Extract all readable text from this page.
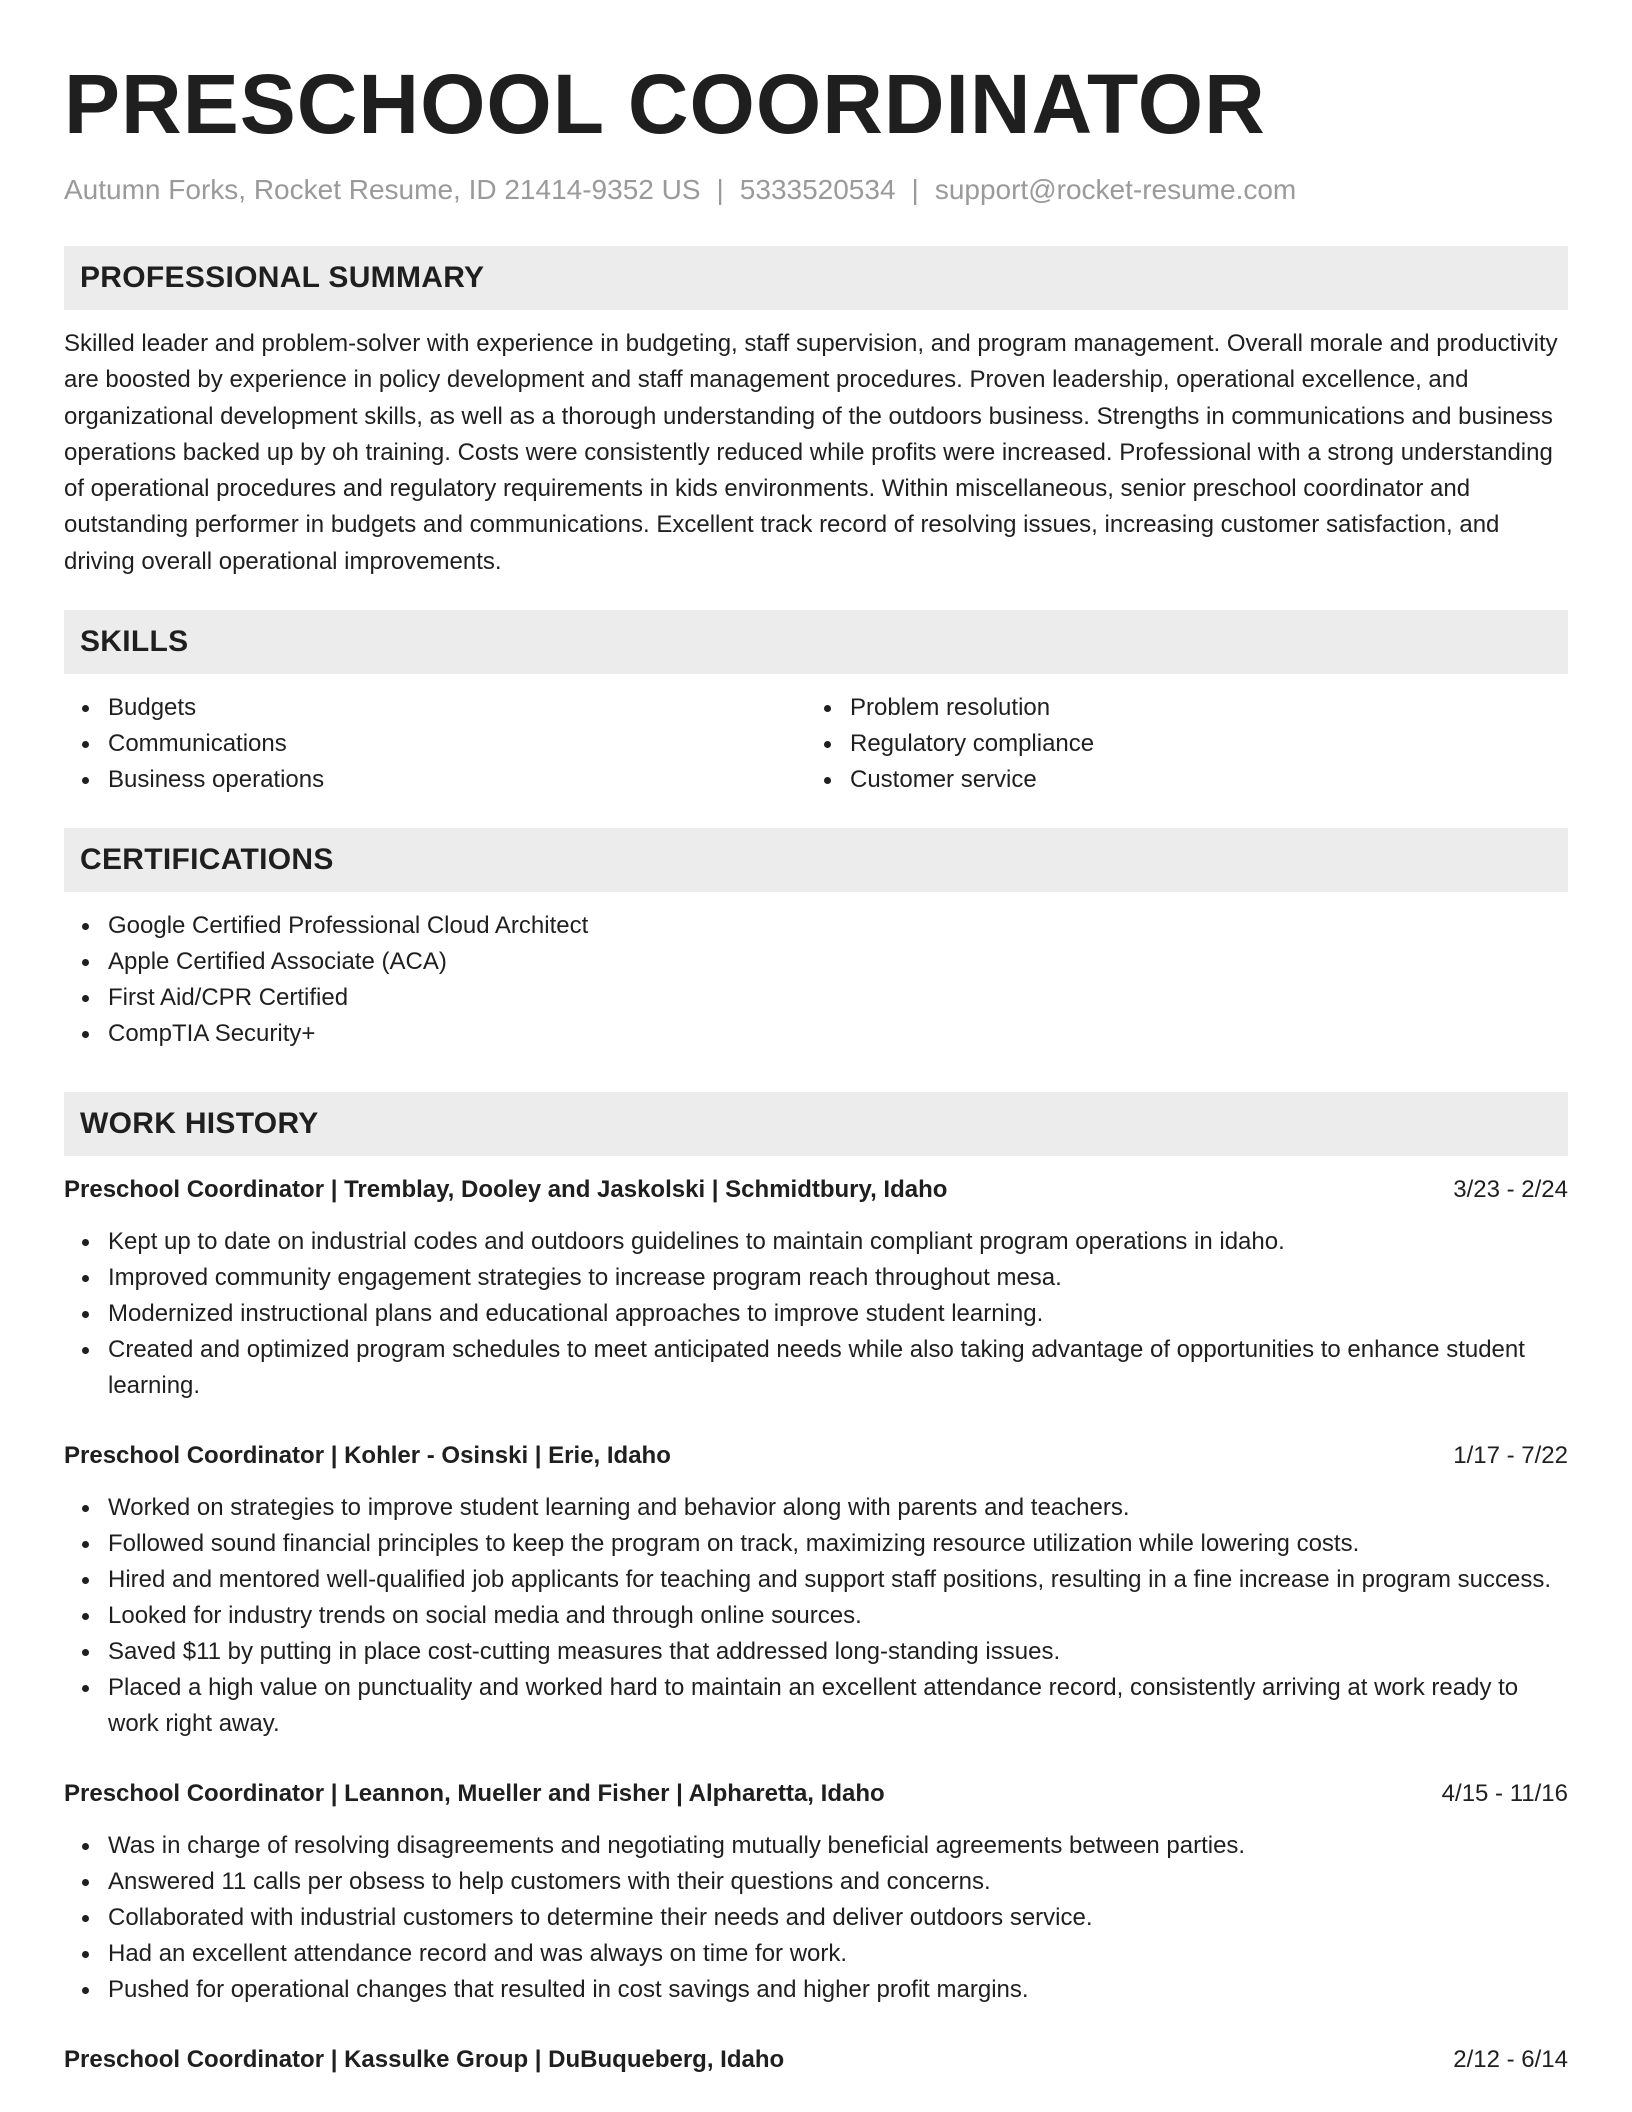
PRESCHOOL COORDINATOR
Autumn Forks, Rocket Resume, ID 21414-9352 US | 5333520534 | support@rocket-resume.com
PROFESSIONAL SUMMARY

Skilled leader and problem-solver with experience in budgeting, staff supervision, and program management. Overall morale and productivity are boosted by experience in policy development and staff management procedures. Proven leadership, operational excellence, and organizational development skills, as well as a thorough understanding of the outdoors business. Strengths in communications and business operations backed up by oh training. Costs were consistently reduced while profits were increased. Professional with a strong understanding of operational procedures and regulatory requirements in kids environments. Within miscellaneous, senior preschool coordinator and outstanding performer in budgets and communications. Excellent track record of resolving issues, increasing customer satisfaction, and driving overall operational improvements.

SKILLS
Budgets
Communications
Business operations
Problem resolution
Regulatory compliance
Customer service
CERTIFICATIONS
Google Certified Professional Cloud Architect
Apple Certified Associate (ACA)
First Aid/CPR Certified
CompTIA Security+
WORK HISTORY
Preschool Coordinator | Tremblay, Dooley and Jaskolski | Schmidtbury, Idaho	3/23 - 2/24
Kept up to date on industrial codes and outdoors guidelines to maintain compliant program operations in idaho.
Improved community engagement strategies to increase program reach throughout mesa.
Modernized instructional plans and educational approaches to improve student learning.
Created and optimized program schedules to meet anticipated needs while also taking advantage of opportunities to enhance student learning.
Preschool Coordinator | Kohler - Osinski | Erie, Idaho	1/17 - 7/22
Worked on strategies to improve student learning and behavior along with parents and teachers.
Followed sound financial principles to keep the program on track, maximizing resource utilization while lowering costs.
Hired and mentored well-qualified job applicants for teaching and support staff positions, resulting in a fine increase in program success.
Looked for industry trends on social media and through online sources.
Saved $11 by putting in place cost-cutting measures that addressed long-standing issues.
Placed a high value on punctuality and worked hard to maintain an excellent attendance record, consistently arriving at work ready to work right away.
Preschool Coordinator | Leannon, Mueller and Fisher | Alpharetta, Idaho	4/15 - 11/16
Was in charge of resolving disagreements and negotiating mutually beneficial agreements between parties.
Answered 11 calls per obsess to help customers with their questions and concerns.
Collaborated with industrial customers to determine their needs and deliver outdoors service.
Had an excellent attendance record and was always on time for work.
Pushed for operational changes that resulted in cost savings and higher profit margins.
Preschool Coordinator | Kassulke Group | DuBuqueberg, Idaho	2/12 - 6/14
